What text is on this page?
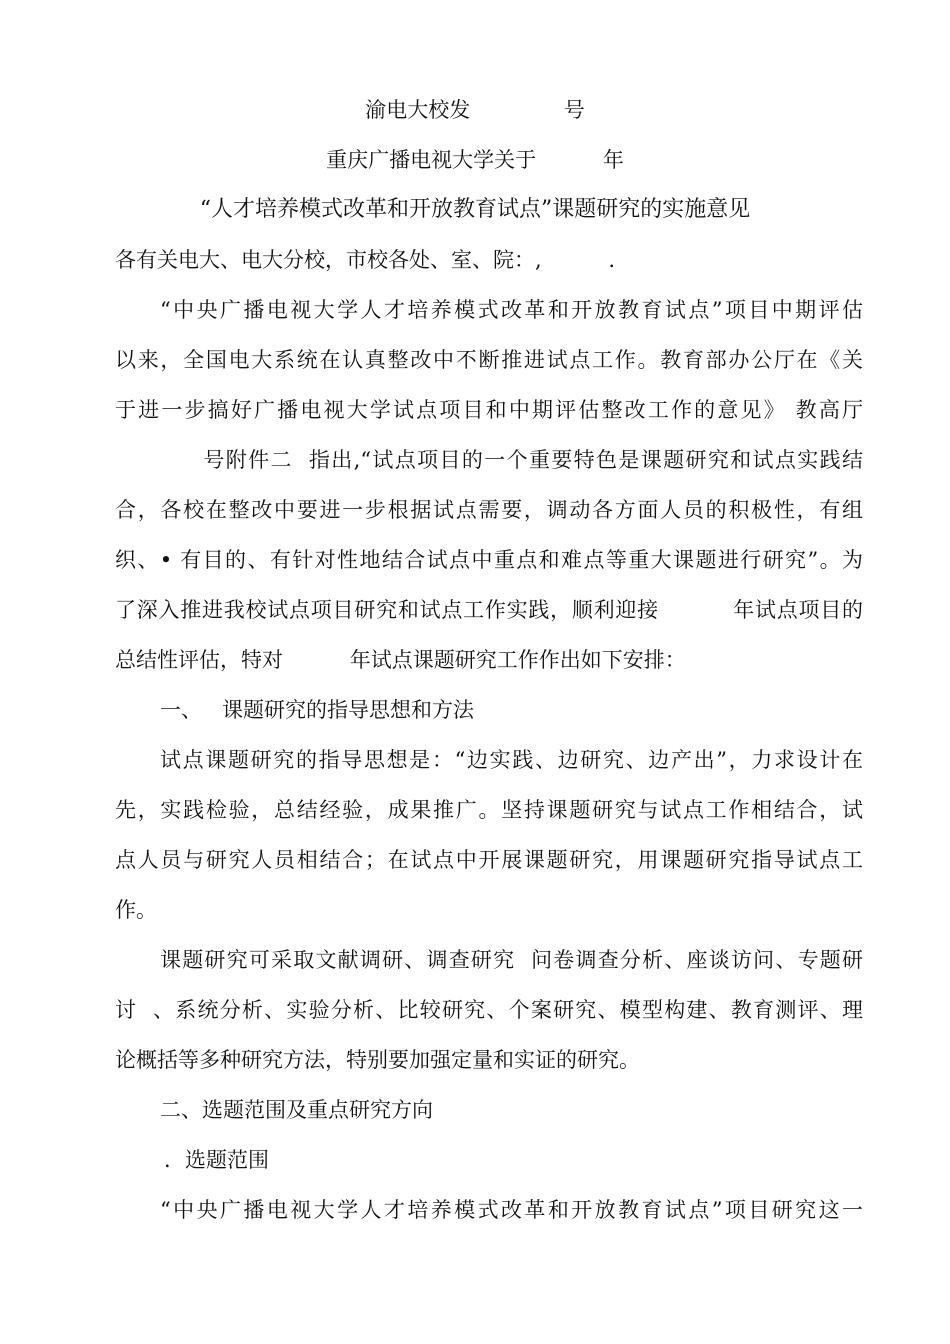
渝电大校发              号
重庆广播电视大学关于          年
“人才培养模式改革和开放教育试点”课题研究的实施意见
各有关电大、电大分校，市校各处、室、院：,          .
“中央广播电视大学人才培养模式改革和开放教育试点”项目中期评估
以来，全国电大系统在认真整改中不断推进试点工作。教育部办公厅在《关
于进一步搞好广播电视大学试点项目和中期评估整改工作的意见》 教高厅
号附件二  指出,“试点项目的一个重要特色是课题研究和试点实践结
合，各校在整改中要进一步根据试点需要，调动各方面人员的积极性，有组
织、• 有目的、有针对性地结合试点中重点和难点等重大课题进行研究”。为
了深入推进我校试点项目研究和试点工作实践，顺利迎接          年试点项目的
总结性评估，特对          年试点课题研究工作作出如下安排：
一、   课题研究的指导思想和方法
试点课题研究的指导思想是：“边实践、边研究、边产出”，力求设计在
先，实践检验，总结经验，成果推广。坚持课题研究与试点工作相结合，试
点人员与研究人员相结合；在试点中开展课题研究，用课题研究指导试点工
作。
课题研究可采取文献调研、调查研究  问卷调查分析、座谈访问、专题研
讨  、系统分析、实验分析、比较研究、个案研究、模型构建、教育测评、理
论概括等多种研究方法，特别要加强定量和实证的研究。
二、选题范围及重点研究方向
．选题范围
“中央广播电视大学人才培养模式改革和开放教育试点”项目研究这一
